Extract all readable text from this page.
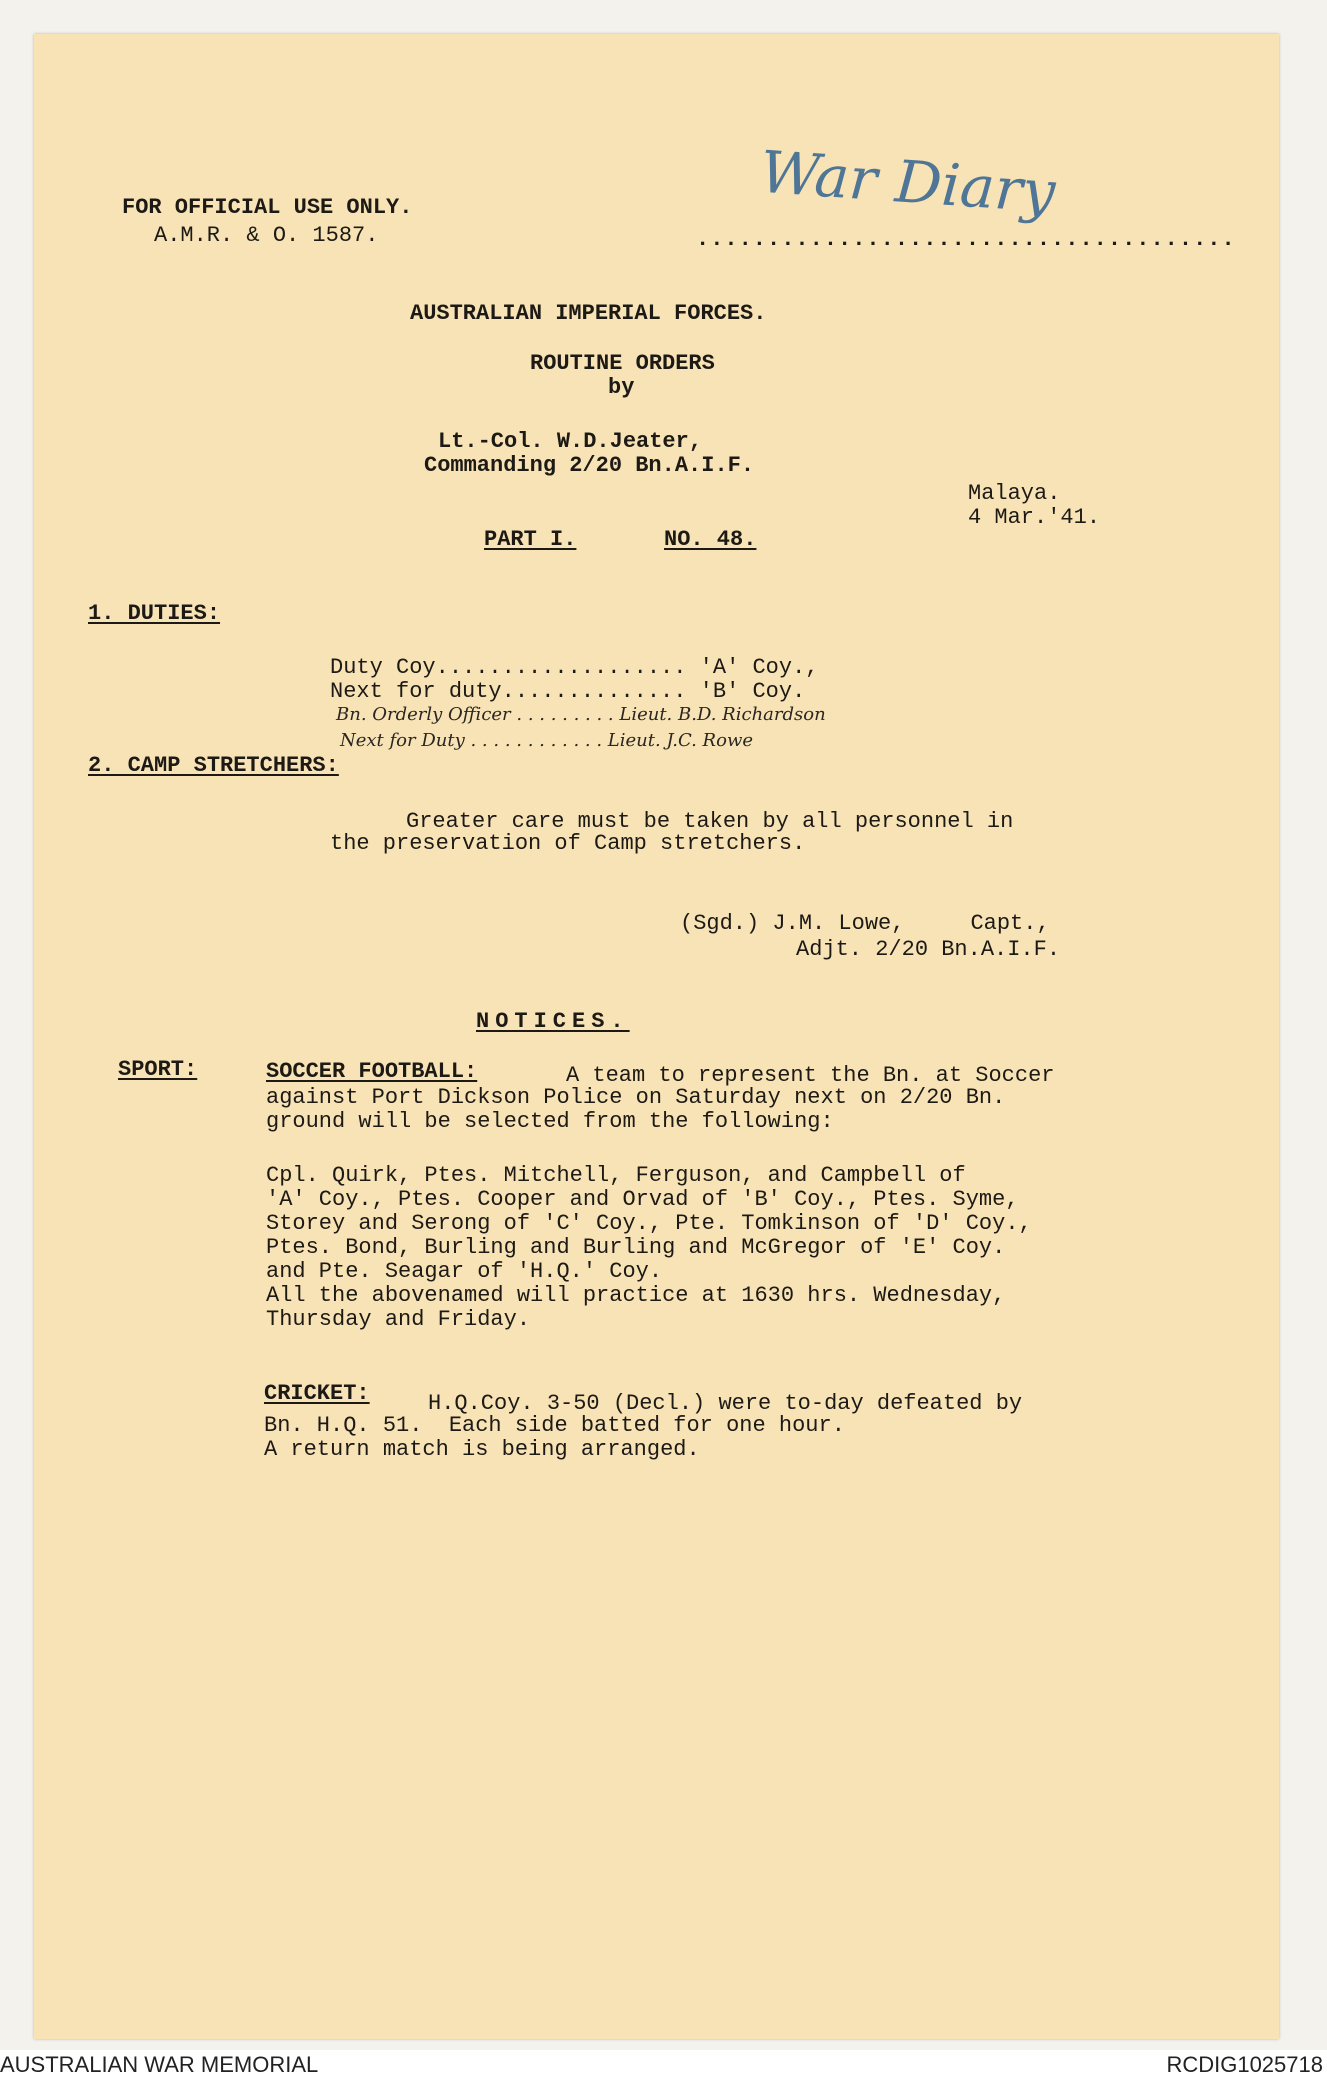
FOR OFFICIAL USE ONLY.
A.M.R. & O. 1587.
War Diary
......................................
AUSTRALIAN IMPERIAL FORCES.
ROUTINE ORDERS
by
Lt.-Col. W.D.Jeater,
Commanding 2/20 Bn.A.I.F.
Malaya.
4 Mar.'41.
PART I.	NO. 48.
1. DUTIES:
Duty Coy................... 'A' Coy.,
Next for duty.............. 'B' Coy.
Bn. Orderly Officer . . . . . . . . . Lieut. B.D. Richardson
Next for Duty . . . . . . . . . . . . Lieut. J.C. Rowe
2. CAMP STRETCHERS:
Greater care must be taken by all personnel in
the preservation of Camp stretchers.
(Sgd.) J.M. Lowe,     Capt.,
Adjt. 2/20 Bn.A.I.F.
NOTICES.
SPORT:	SOCCER FOOTBALL:	A team to represent the Bn. at Soccer
against Port Dickson Police on Saturday next on 2/20 Bn.
ground will be selected from the following:
Cpl. Quirk, Ptes. Mitchell, Ferguson, and Campbell of
'A' Coy., Ptes. Cooper and Orvad of 'B' Coy., Ptes. Syme,
Storey and Serong of 'C' Coy., Pte. Tomkinson of 'D' Coy.,
Ptes. Bond, Burling and Burling and McGregor of 'E' Coy.
and Pte. Seagar of 'H.Q.' Coy.
All the abovenamed will practice at 1630 hrs. Wednesday,
Thursday and Friday.
CRICKET:	H.Q.Coy. 3-50 (Decl.) were to-day defeated by
Bn. H.Q. 51.  Each side batted for one hour.
A return match is being arranged.
AUSTRALIAN WAR MEMORIAL	RCDIG1025718
